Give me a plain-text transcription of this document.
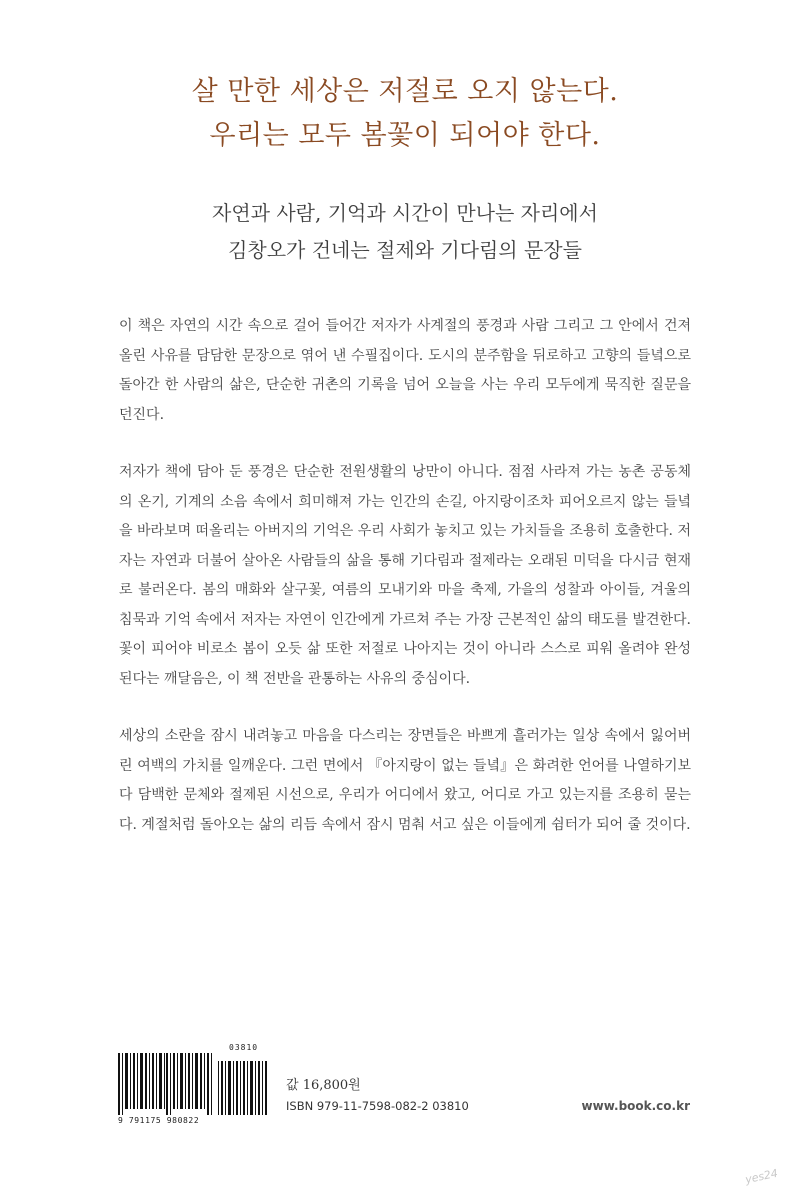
살 만한 세상은 저절로 오지 않는다.
우리는 모두 봄꽃이 되어야 한다.
자연과 사람, 기억과 시간이 만나는 자리에서
김창오가 건네는 절제와 기다림의 문장들

이 책은 자연의 시간 속으로 걸어 들어간 저자가 사계절의 풍경과 사람 그리고 그 안에서 건져 올린 사유를 담담한 문장으로 엮어 낸 수필집이다. 도시의 분주함을 뒤로하고 고향의 들녘으로 돌아간 한 사람의 삶은, 단순한 귀촌의 기록을 넘어 오늘을 사는 우리 모두에게 묵직한 질문을 던진다.

저자가 책에 담아 둔 풍경은 단순한 전원생활의 낭만이 아니다. 점점 사라져 가는 농촌 공동체의 온기, 기계의 소음 속에서 희미해져 가는 인간의 손길, 아지랑이조차 피어오르지 않는 들녘을 바라보며 떠올리는 아버지의 기억은 우리 사회가 놓치고 있는 가치들을 조용히 호출한다. 저자는 자연과 더불어 살아온 사람들의 삶을 통해 기다림과 절제라는 오래된 미덕을 다시금 현재로 불러온다. 봄의 매화와 살구꽃, 여름의 모내기와 마을 축제, 가을의 성찰과 아이들, 겨울의 침묵과 기억 속에서 저자는 자연이 인간에게 가르쳐 주는 가장 근본적인 삶의 태도를 발견한다. 꽃이 피어야 비로소 봄이 오듯 삶 또한 저절로 나아지는 것이 아니라 스스로 피워 올려야 완성된다는 깨달음은, 이 책 전반을 관통하는 사유의 중심이다.

세상의 소란을 잠시 내려놓고 마음을 다스리는 장면들은 바쁘게 흘러가는 일상 속에서 잃어버린 여백의 가치를 일깨운다. 그런 면에서 『아지랑이 없는 들녘』은 화려한 언어를 나열하기보다 담백한 문체와 절제된 시선으로, 우리가 어디에서 왔고, 어디로 가고 있는지를 조용히 묻는다. 계절처럼 돌아오는 삶의 리듬 속에서 잠시 멈춰 서고 싶은 이들에게 쉼터가 되어 줄 것이다.

03810
9 791175 980822
값 16,800원
ISBN 979-11-7598-082-2 03810	www.book.co.kr
yes24
